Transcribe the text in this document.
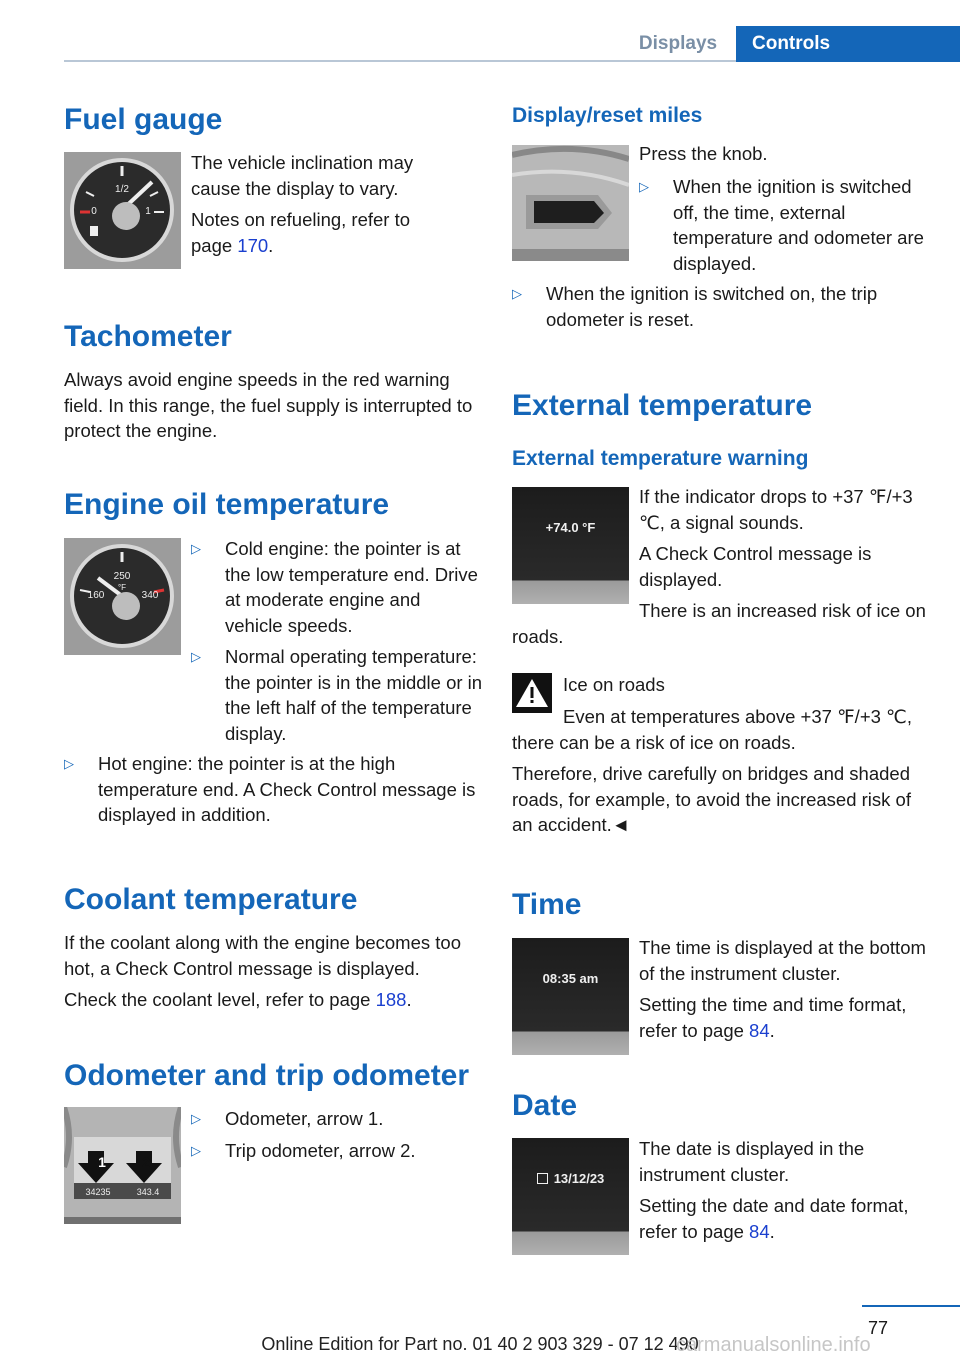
Displays	Controls
Fuel gauge
1/2
0	1
The vehicle inclination may cause the display to vary.
Notes on refueling, refer to page 170.
Tachometer
Always avoid engine speeds in the red warning field. In this range, the fuel supply is interrupted to protect the engine.
Engine oil temperature
250
°F
160	340
▷	Cold engine: the pointer is at the low temperature end. Drive at moderate engine and vehicle speeds.
▷	Normal operating temperature: the pointer is in the middle or in the left half of the temperature display.
▷	Hot engine: the pointer is at the high temperature end. A Check Control message is displayed in addition.
Coolant temperature
If the coolant along with the engine becomes too hot, a Check Control message is displayed.
Check the coolant level, refer to page 188.
Odometer and trip odometer
1	2
34235	343.4
▷	Odometer, arrow 1.
▷	Trip odometer, arrow 2.
Display/reset miles
Press the knob.
▷	When the ignition is switched off, the time, external temperature and odometer are displayed.
▷	When the ignition is switched on, the trip odometer is reset.
External temperature
External temperature warning
+74.0 °F
If the indicator drops to +37 ℉/+3 ℃, a signal sounds.
A Check Control message is displayed.
There is an increased risk of ice on roads.
Ice on roads
Even at temperatures above +37 ℉/+3 ℃, there can be a risk of ice on roads.
Therefore, drive carefully on bridges and shaded roads, for example, to avoid the increased risk of an accident.◄
Time
08:35 am
The time is displayed at the bottom of the instrument cluster.
Setting the time and time format, refer to page 84.
Date
13/12/23
The date is displayed in the instrument cluster.
Setting the date and date format, refer to page 84.
77
Online Edition for Part no. 01 40 2 903 329 - 07 12 490
carmanualsonline.info
